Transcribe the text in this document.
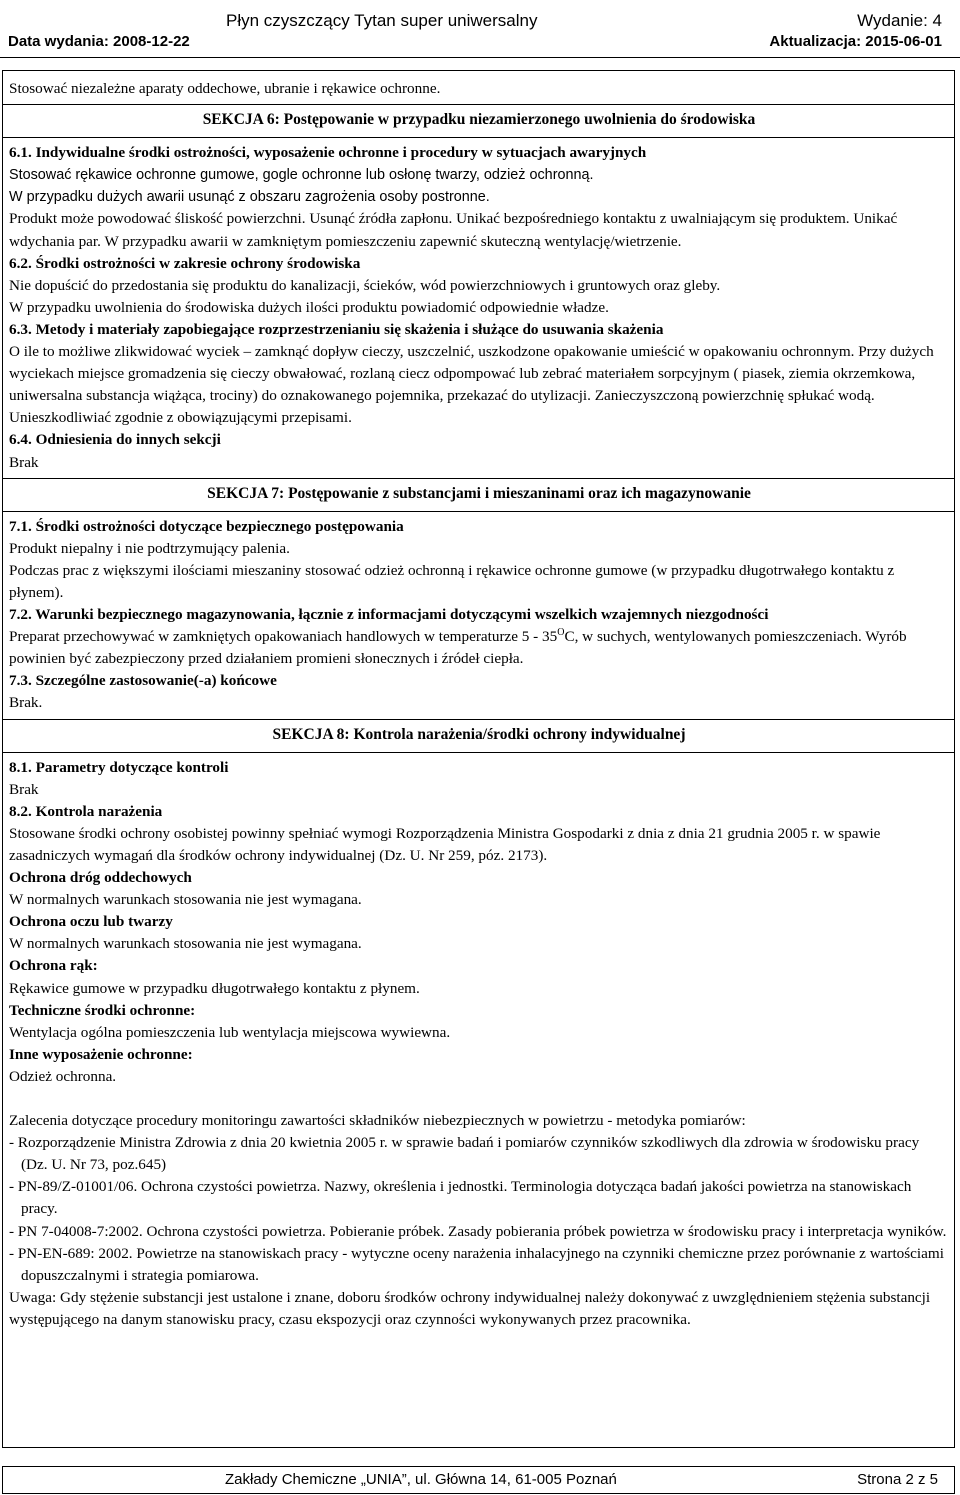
Płyn czyszczący Tytan super uniwersalny	Wydanie: 4
Data wydania: 2008-12-22	Aktualizacja: 2015-06-01

Stosować niezależne aparaty oddechowe, ubranie i rękawice ochronne.

SEKCJA 6: Postępowanie w przypadku niezamierzonego uwolnienia do środowiska

6.1. Indywidualne środki ostrożności, wyposażenie ochronne i procedury w sytuacjach awaryjnych

Stosować rękawice ochronne gumowe, gogle ochronne lub osłonę twarzy, odzież ochronną.

W przypadku dużych awarii usunąć z obszaru zagrożenia osoby postronne.

Produkt może powodować śliskość powierzchni. Usunąć źródła zapłonu. Unikać bezpośredniego kontaktu z uwalniającym się produktem. Unikać wdychania par. W przypadku awarii w zamkniętym pomieszczeniu zapewnić skuteczną wentylację/wietrzenie.

6.2. Środki ostrożności w zakresie ochrony środowiska

Nie dopuścić do przedostania się produktu do kanalizacji, ścieków, wód powierzchniowych i gruntowych oraz gleby.

W przypadku uwolnienia do środowiska dużych ilości produktu powiadomić odpowiednie władze.

6.3. Metody i materiały zapobiegające rozprzestrzenianiu się skażenia i służące do usuwania skażenia

O ile to możliwe zlikwidować wyciek – zamknąć dopływ cieczy, uszczelnić, uszkodzone opakowanie umieścić w opakowaniu ochronnym. Przy dużych wyciekach miejsce gromadzenia się cieczy obwałować, rozlaną ciecz odpompować lub zebrać materiałem sorpcyjnym ( piasek, ziemia okrzemkowa, uniwersalna substancja wiążąca, trociny) do oznakowanego pojemnika, przekazać do utylizacji. Zanieczyszczoną powierzchnię spłukać wodą. Unieszkodliwiać zgodnie z obowiązującymi przepisami.

6.4. Odniesienia do innych sekcji

Brak

SEKCJA 7: Postępowanie z substancjami i mieszaninami oraz ich magazynowanie

7.1. Środki ostrożności dotyczące bezpiecznego postępowania

Produkt niepalny i nie podtrzymujący palenia.

Podczas prac z większymi ilościami mieszaniny stosować odzież ochronną i rękawice ochronne gumowe (w przypadku długotrwałego kontaktu z płynem).

7.2. Warunki bezpiecznego magazynowania, łącznie z informacjami dotyczącymi wszelkich wzajemnych niezgodności

Preparat przechowywać w zamkniętych opakowaniach handlowych w temperaturze $5 - 35^OC$, w suchych, wentylowanych pomieszczeniach. Wyrób powinien być zabezpieczony przed działaniem promieni słonecznych i źródeł ciepła.

7.3. Szczególne zastosowanie(-a) końcowe

Brak.

SEKCJA 8: Kontrola narażenia/środki ochrony indywidualnej

8.1. Parametry dotyczące kontroli

Brak

8.2. Kontrola narażenia

Stosowane środki ochrony osobistej powinny spełniać wymogi Rozporządzenia Ministra Gospodarki z dnia z dnia 21 grudnia 2005 r. w spawie zasadniczych wymagań dla środków ochrony indywidualnej (Dz. U. Nr 259, póz. 2173).

Ochrona dróg oddechowych

W normalnych warunkach stosowania nie jest wymagana.

Ochrona oczu lub twarzy

W normalnych warunkach stosowania nie jest wymagana.

Ochrona rąk:

Rękawice gumowe w przypadku długotrwałego kontaktu z płynem.

Techniczne środki ochronne:

Wentylacja ogólna pomieszczenia lub wentylacja miejscowa wywiewna.

Inne wyposażenie ochronne:

Odzież ochronna.

Zalecenia dotyczące procedury monitoringu zawartości składników niebezpiecznych w powietrzu - metodyka pomiarów:

- Rozporządzenie Ministra Zdrowia z dnia 20 kwietnia 2005 r. w sprawie badań i pomiarów czynników szkodliwych dla zdrowia w środowisku pracy (Dz. U. Nr 73, poz.645)

- PN-89/Z-01001/06. Ochrona czystości powietrza. Nazwy, określenia i jednostki. Terminologia dotycząca badań jakości powietrza na stanowiskach pracy.

- PN 7-04008-7:2002. Ochrona czystości powietrza. Pobieranie próbek. Zasady pobierania próbek powietrza w środowisku pracy i interpretacja wyników.

- PN-EN-689: 2002. Powietrze na stanowiskach pracy - wytyczne oceny narażenia inhalacyjnego na czynniki chemiczne przez porównanie z wartościami dopuszczalnymi i strategia pomiarowa.

Uwaga: Gdy stężenie substancji jest ustalone i znane, doboru środków ochrony indywidualnej należy dokonywać z uwzględnieniem stężenia substancji występującego na danym stanowisku pracy, czasu ekspozycji oraz czynności wykonywanych przez pracownika.

Zakłady Chemiczne „UNIA”, ul. Główna 14, 61-005 Poznań	Strona 2 z 5
